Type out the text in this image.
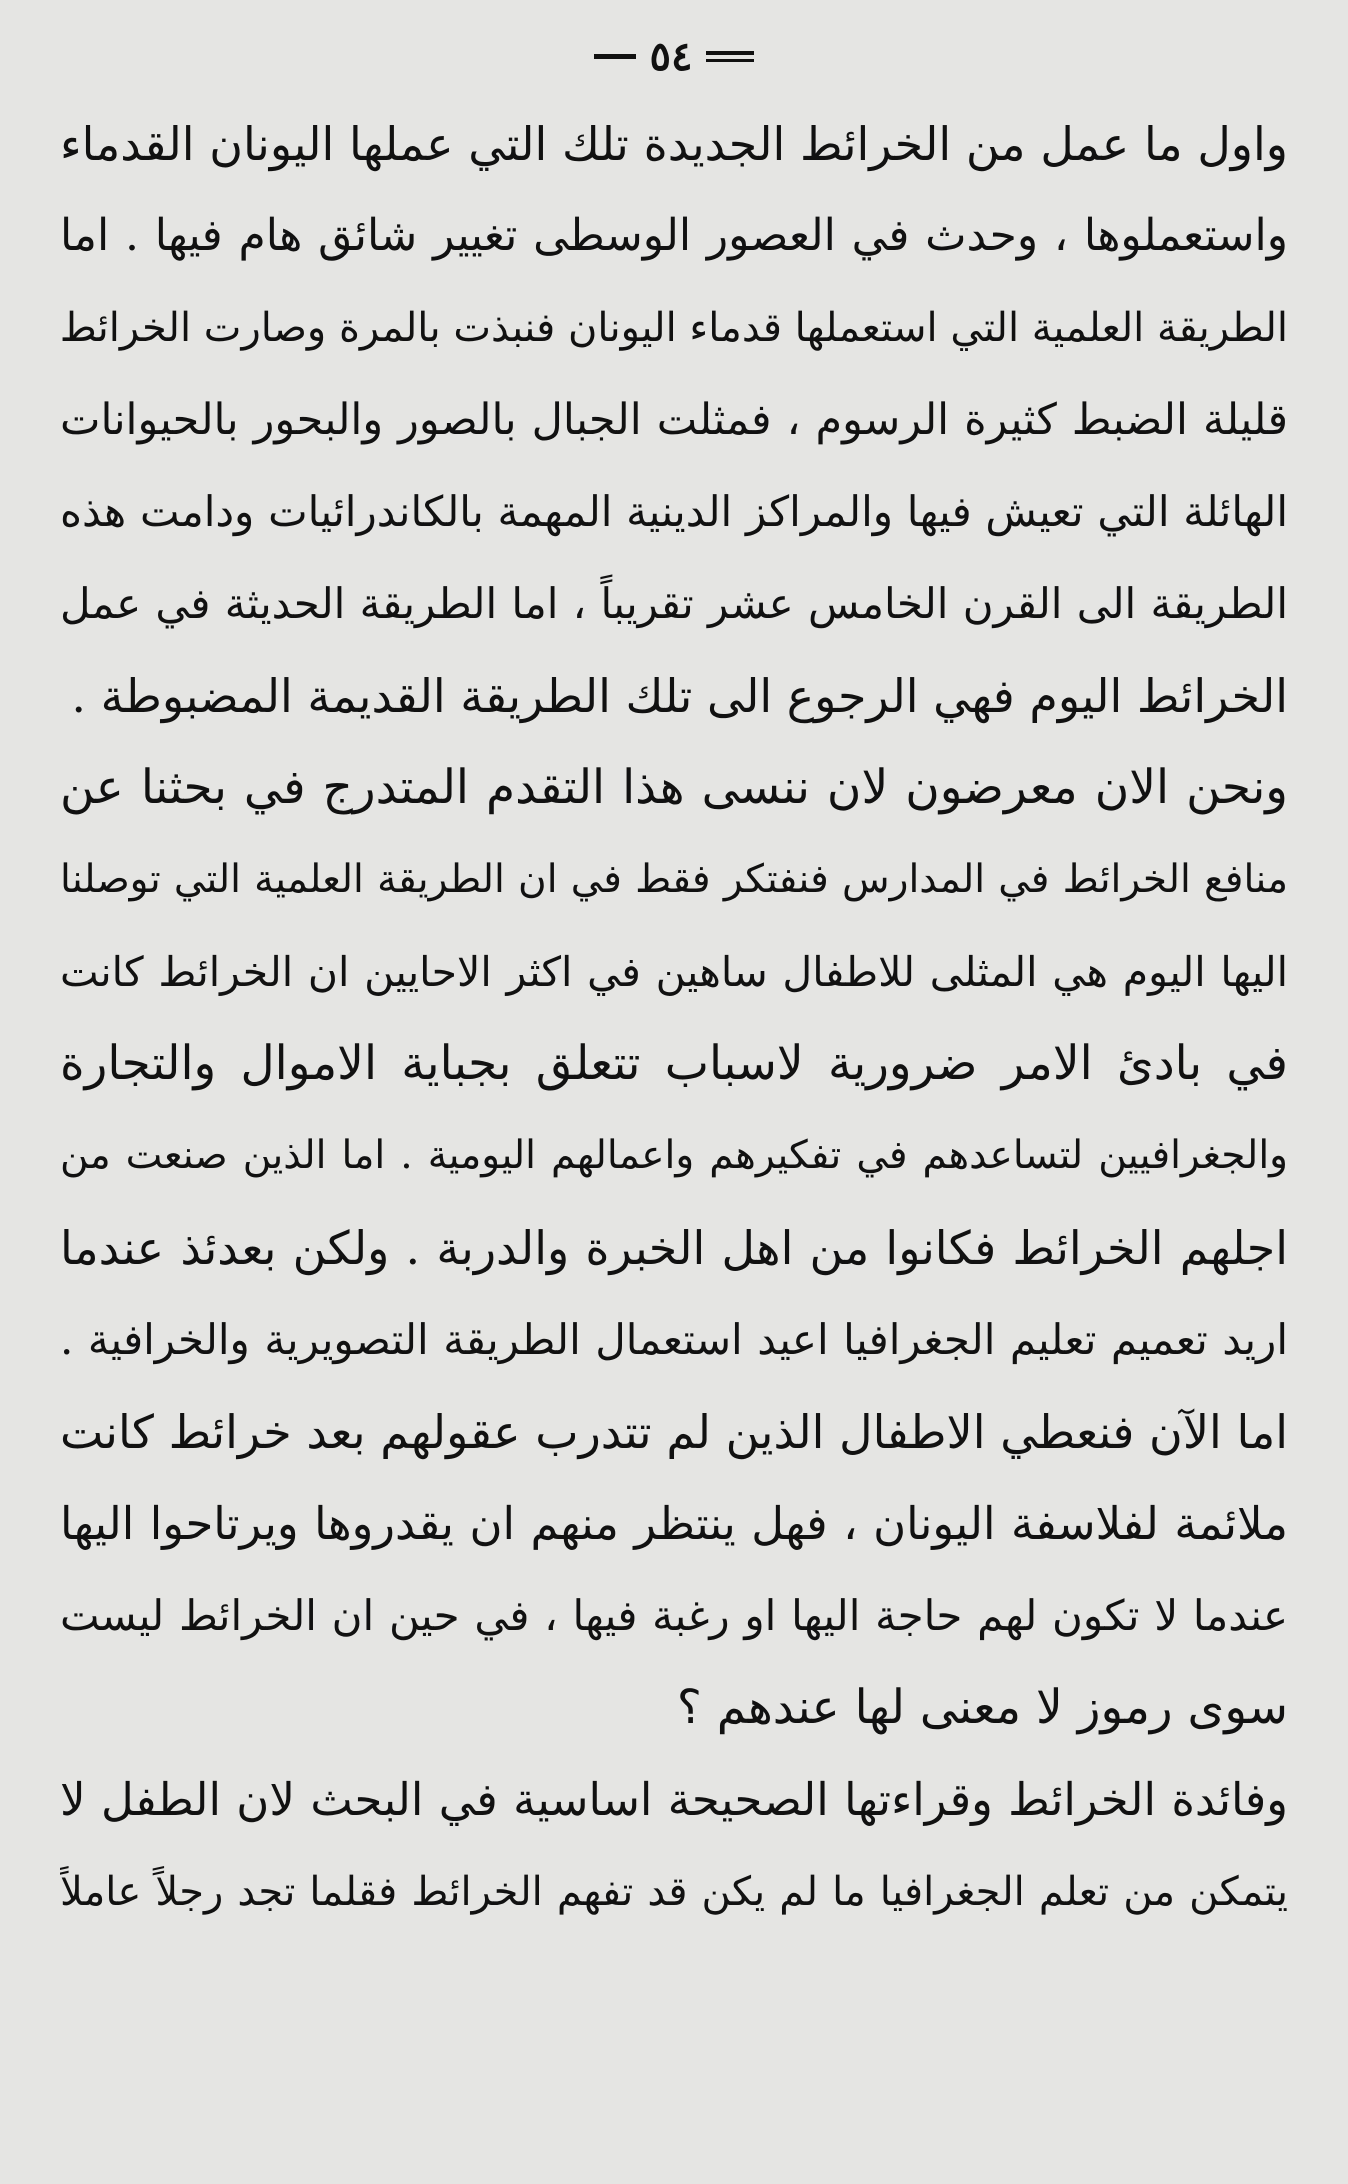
٥٤
واول ما عمل من الخرائط الجديدة تلك التي عملها اليونان القدماء
واستعملوها ، وحدث في العصور الوسطى تغيير شائق هام فيها . اما
الطريقة العلمية التي استعملها قدماء اليونان فنبذت بالمرة وصارت الخرائط
قليلة الضبط كثيرة الرسوم ، فمثلت الجبال بالصور والبحور بالحيوانات
الهائلة التي تعيش فيها والمراكز الدينية المهمة بالكاندرائيات ودامت هذه
الطريقة الى القرن الخامس عشر تقريباً ، اما الطريقة الحديثة في عمل
الخرائط اليوم فهي الرجوع الى تلك الطريقة القديمة المضبوطة .
ونحن الان معرضون لان ننسى هذا التقدم المتدرج في بحثنا عن
منافع الخرائط في المدارس فنفتكر فقط في ان الطريقة العلمية التي توصلنا
اليها اليوم هي المثلى للاطفال ساهين في اكثر الاحايين ان الخرائط كانت
في بادئ الامر ضرورية لاسباب تتعلق بجباية الاموال والتجارة
والجغرافيين لتساعدهم في تفكيرهم واعمالهم اليومية . اما الذين صنعت من
اجلهم الخرائط فكانوا من اهل الخبرة والدربة . ولكن بعدئذ عندما
اريد تعميم تعليم الجغرافيا اعيد استعمال الطريقة التصويرية والخرافية .
اما الآن فنعطي الاطفال الذين لم تتدرب عقولهم بعد خرائط كانت
ملائمة لفلاسفة اليونان ، فهل ينتظر منهم ان يقدروها ويرتاحوا اليها
عندما لا تكون لهم حاجة اليها او رغبة فيها ، في حين ان الخرائط ليست
سوى رموز لا معنى لها عندهم ؟
وفائدة الخرائط وقراءتها الصحيحة اساسية في البحث لان الطفل لا
يتمكن من تعلم الجغرافيا ما لم يكن قد تفهم الخرائط فقلما تجد رجلاً عاملاً
